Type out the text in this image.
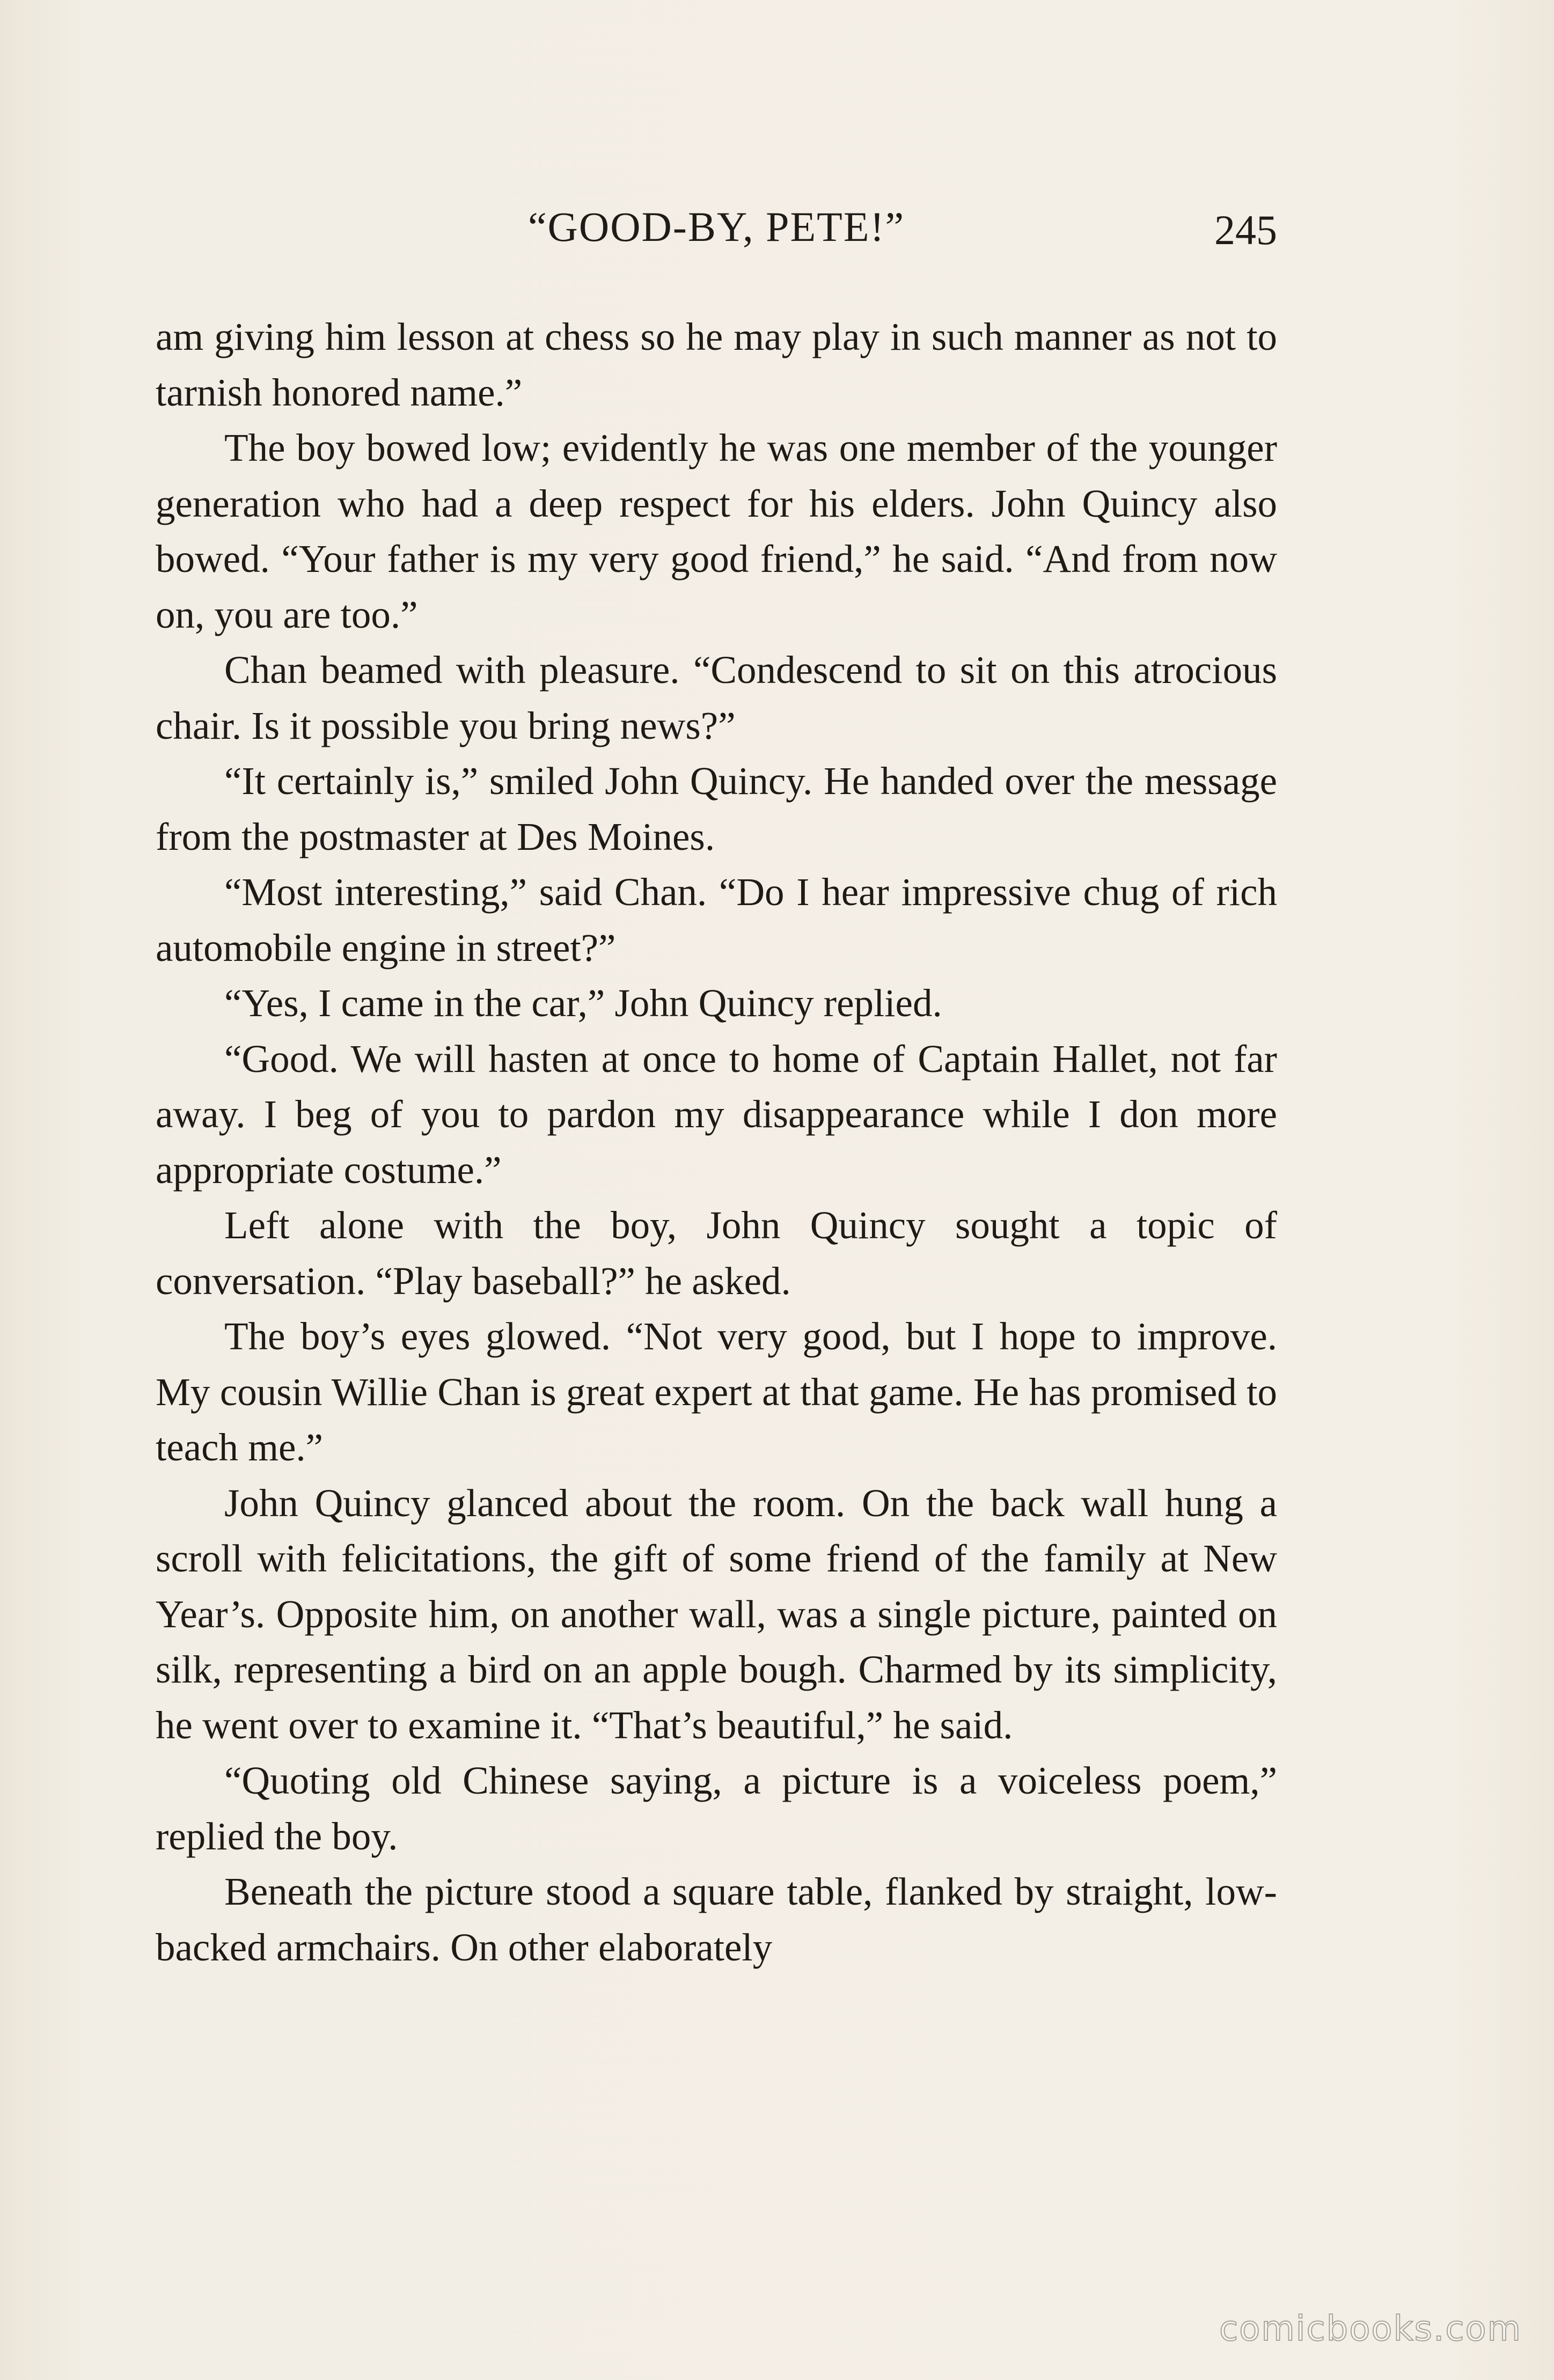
“GOOD-BY, PETE!”	245

am giving him lesson at chess so he may play in such manner as not to tarnish honored name.”

The boy bowed low; evidently he was one member of the younger generation who had a deep respect for his elders. John Quincy also bowed. “Your father is my very good friend,” he said. “And from now on, you are too.”

Chan beamed with pleasure. “Condescend to sit on this atrocious chair. Is it possible you bring news?”

“It certainly is,” smiled John Quincy. He handed over the message from the postmaster at Des Moines.

“Most interesting,” said Chan. “Do I hear impressive chug of rich automobile engine in street?”

“Yes, I came in the car,” John Quincy replied.

“Good. We will hasten at once to home of Captain Hallet, not far away. I beg of you to pardon my disappearance while I don more appropriate costume.”

Left alone with the boy, John Quincy sought a topic of conversation. “Play baseball?” he asked.

The boy’s eyes glowed. “Not very good, but I hope to improve. My cousin Willie Chan is great expert at that game. He has promised to teach me.”

John Quincy glanced about the room. On the back wall hung a scroll with felicitations, the gift of some friend of the family at New Year’s. Opposite him, on another wall, was a single picture, painted on silk, representing a bird on an apple bough. Charmed by its simplicity, he went over to examine it. “That’s beautiful,” he said.

“Quoting old Chinese saying, a picture is a voiceless poem,” replied the boy.

Beneath the picture stood a square table, flanked by straight, low-backed armchairs. On other elaborately

comicbooks.com
